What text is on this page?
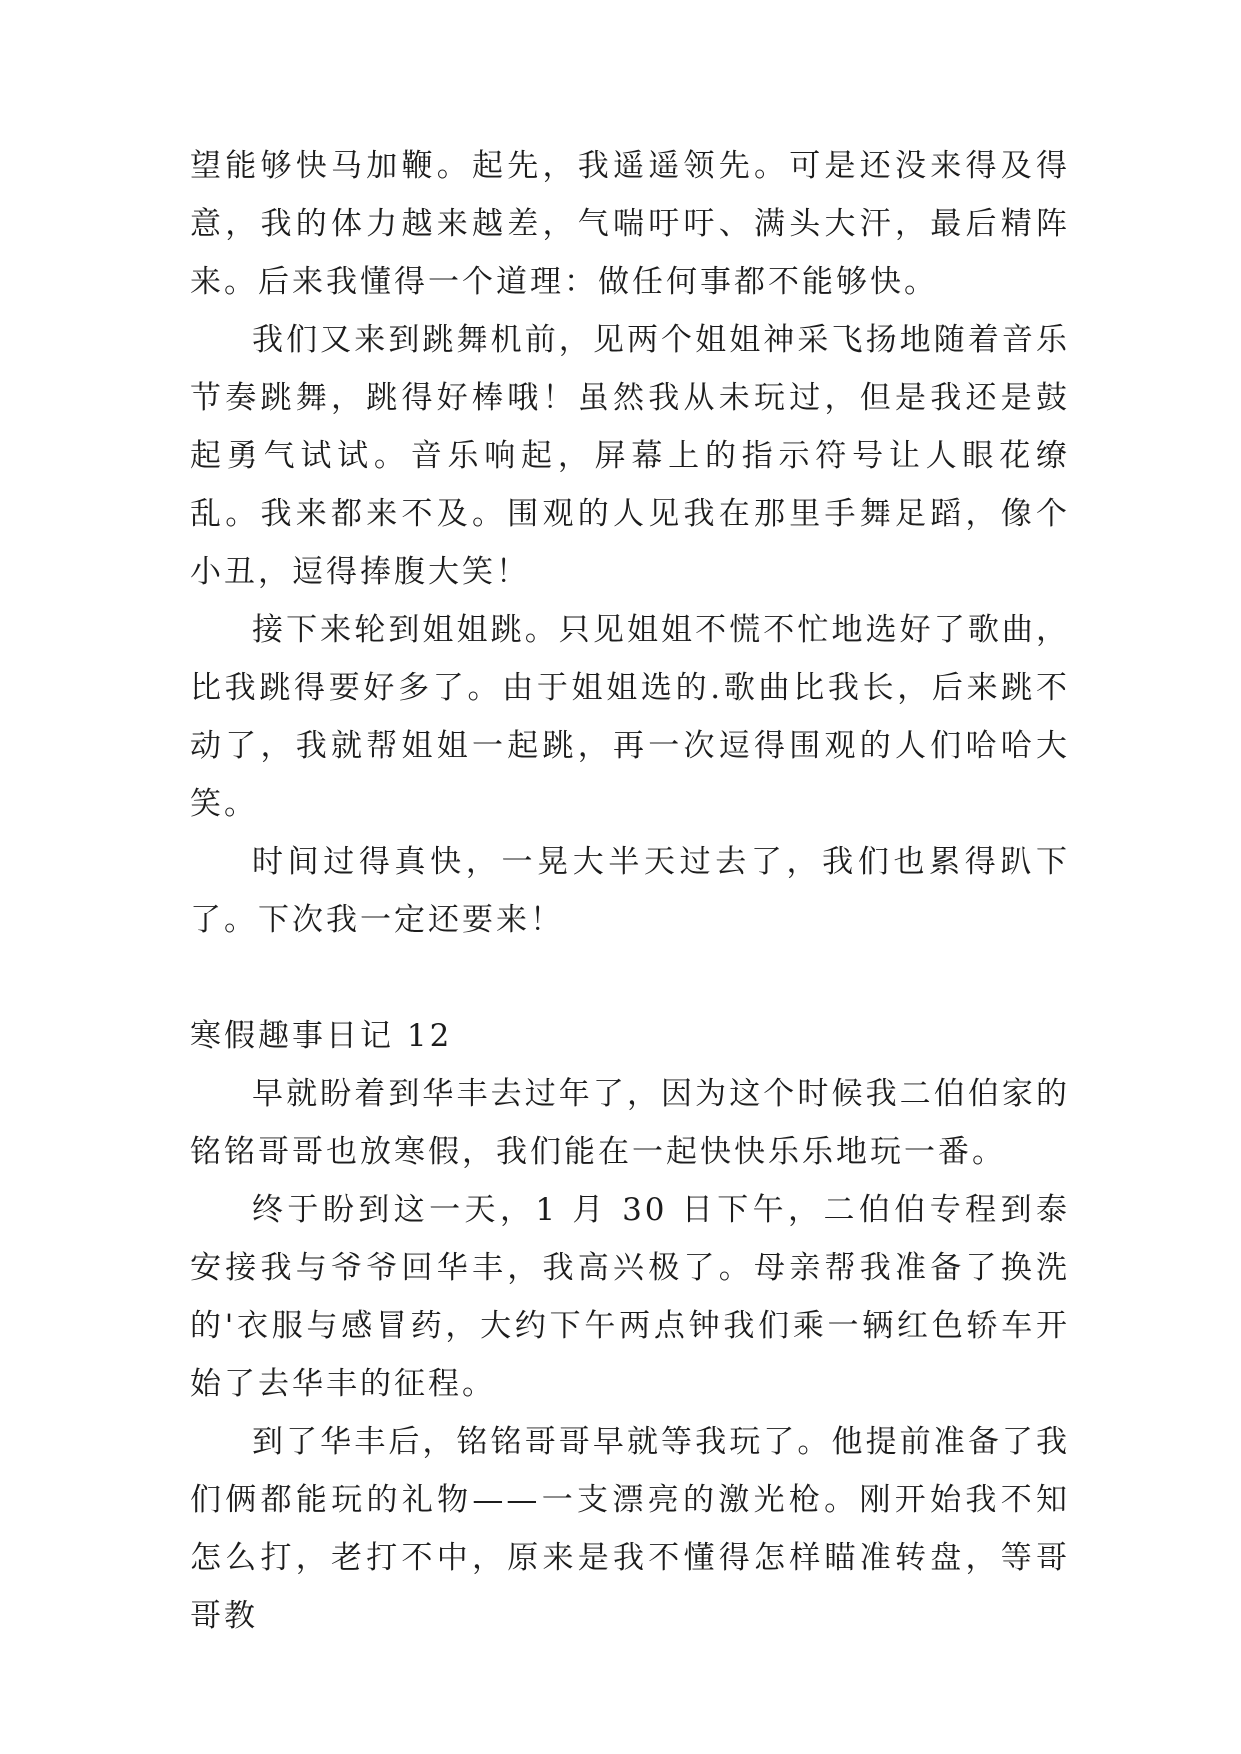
望能够快马加鞭。起先，我遥遥领先。可是还没来得及得意，我的体力越来越差，气喘吁吁、满头大汗，最后精阵来。后来我懂得一个道理：做任何事都不能够快。

我们又来到跳舞机前，见两个姐姐神采飞扬地随着音乐节奏跳舞，跳得好棒哦！虽然我从未玩过，但是我还是鼓起勇气试试。音乐响起，屏幕上的指示符号让人眼花缭乱。我来都来不及。围观的人见我在那里手舞足蹈，像个小丑，逗得捧腹大笑！

接下来轮到姐姐跳。只见姐姐不慌不忙地选好了歌曲，比我跳得要好多了。由于姐姐选的.歌曲比我长，后来跳不动了，我就帮姐姐一起跳，再一次逗得围观的人们哈哈大笑。

时间过得真快，一晃大半天过去了，我们也累得趴下了。下次我一定还要来！

寒假趣事日记 12

早就盼着到华丰去过年了，因为这个时候我二伯伯家的铭铭哥哥也放寒假，我们能在一起快快乐乐地玩一番。

终于盼到这一天，1 月 30 日下午，二伯伯专程到泰安接我与爷爷回华丰，我高兴极了。母亲帮我准备了换洗的'衣服与感冒药，大约下午两点钟我们乘一辆红色轿车开始了去华丰的征程。

到了华丰后，铭铭哥哥早就等我玩了。他提前准备了我们俩都能玩的礼物——一支漂亮的激光枪。刚开始我不知怎么打，老打不中，原来是我不懂得怎样瞄准转盘，等哥哥教
